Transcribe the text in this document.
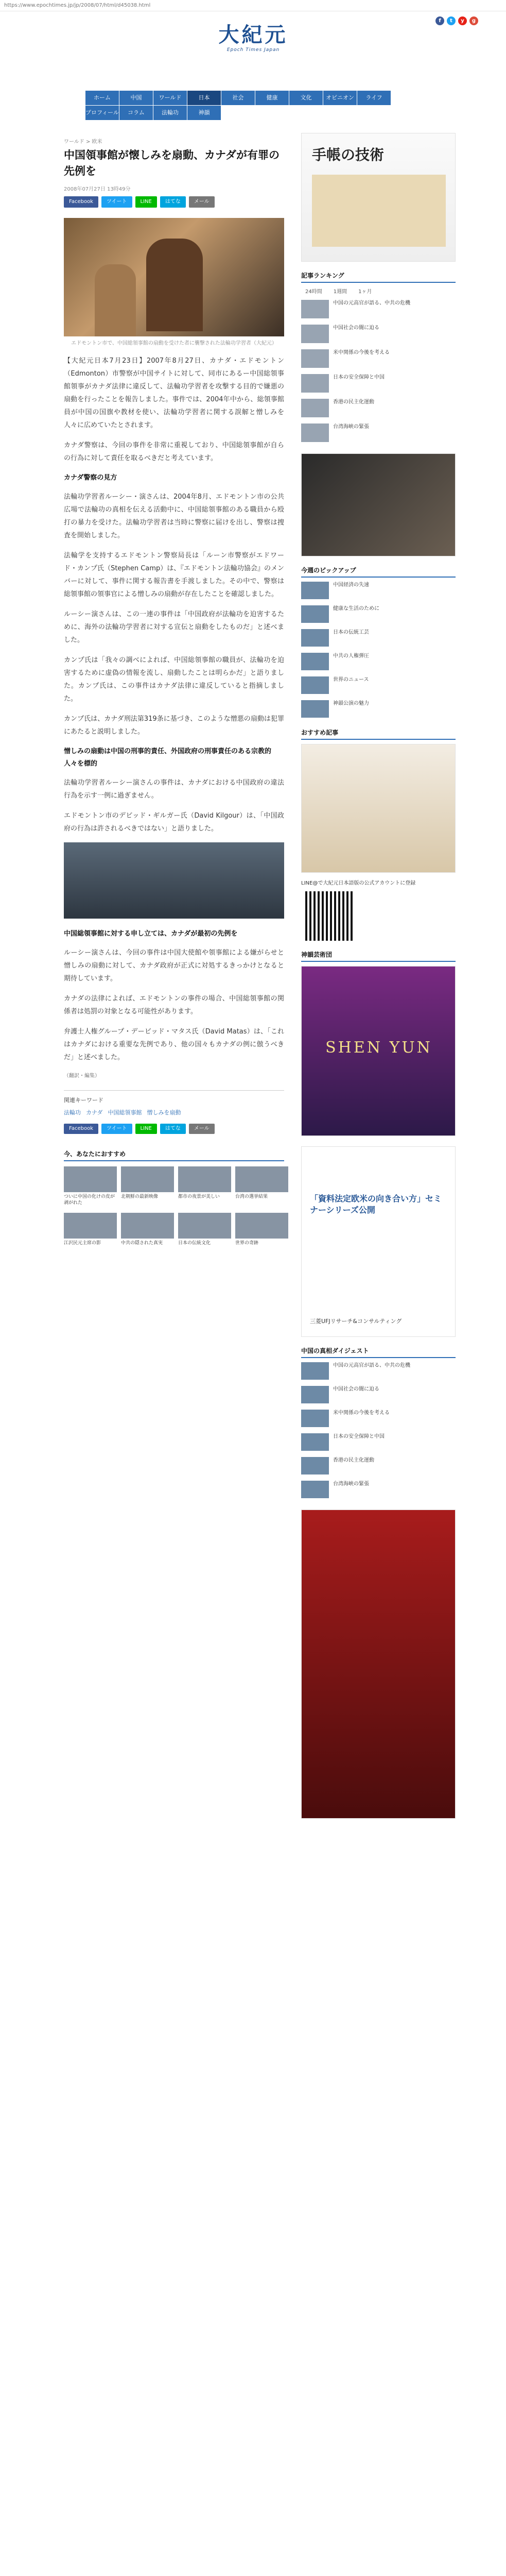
https://www.epochtimes.jp/jp/2008/07/html/d45038.html
f	t	y	g
大紀元
Epoch Times Japan
ホーム	中国	ワールド	日本	社会	健康	文化	オピニオン	ライフ
プロフィール	コラム	法輪功	神韻
ワールド > 欧米
中国領事館が懐しみを扇動、カナダが有罪の先例を
2008年07月27日 13時49分
Facebook	ツイート	LINE	はてな	メール
エドモントン市で、中国総領事館の扇動を受けた者に襲撃された法輪功学習者（大紀元）

【大紀元日本7月23日】2007年8月27日、カナダ・エドモントン（Edmonton）市警察が中国サイトに対して、同市にあるー中国総領事館領事がカナダ法律に違反して、法輪功学習者を攻撃する目的で嫌悪の扇動を行ったことを報告しました。事件では、2004年中から、総領事館員が中国の国旗や教材を使い、法輪功学習者に関する誤解と憎しみを人々に広めていたとされます。

カナダ警察は、今回の事件を非常に重視しており、中国総領事館が自らの行為に対して責任を取るべきだと考えています。

カナダ警察の見方

法輪功学習者ルーシー・演さんは、2004年8月、エドモントン市の公共広場で法輪功の真相を伝える活動中に、中国総領事館のある職員から殴打の暴力を受けた。法輪功学習者は当時に警察に届けを出し、警察は捜査を開始しました。

法輪学を支持するエドモントン警察局長は「ルーン市警察がエドワード・カンプ氏（Stephen Camp）は、『エドモントン法輪功協会』のメンバーに対して、事件に関する報告書を手渡しました。その中で、警察は総領事館の領事官による憎しみの扇動が存在したことを確認しました。

ルーシー演さんは、この一連の事件は「中国政府が法輪功を迫害するために、海外の法輪功学習者に対する宣伝と扇動をしたものだ」と述べました。

カンプ氏は「我々の調べによれば、中国総領事館の職員が、法輪功を迫害するために虚偽の情報を流し、扇動したことは明らかだ」と語りました。カンプ氏は、この事件はカナダ法律に違反していると指摘しました。

カンプ氏は、カナダ刑法第319条に基づき、このような憎悪の扇動は犯罪にあたると説明しました。

憎しみの扇動は中国の刑事的責任、外国政府の刑事責任のある宗教的人々を標的

法輪功学習者ルーシー演さんの事件は、カナダにおける中国政府の違法行為を示す一例に過ぎません。

エドモントン市のデビッド・ギルガー氏（David Kilgour）は、「中国政府の行為は許されるべきではない」と語りました。

中国総領事館に対する申し立ては、カナダが最初の先例を

ルーシー演さんは、今回の事件は中国大使館や領事館による嫌がらせと憎しみの扇動に対して、カナダ政府が正式に対処するきっかけとなると期待しています。

カナダの法律によれば、エドモントンの事件の場合、中国総領事館の関係者は処罰の対象となる可能性があります。

弁護士人権グループ・デービッド・マタス氏（David Matas）は、「これはカナダにおける重要な先例であり、他の国々もカナダの例に倣うべきだ」と述べました。

（翻訳・編集）
関連キーワード
法輪功 カナダ 中国総領事館 憎しみを扇動
Facebook	ツイート	LINE	はてな	メール
今、あなたにおすすめ
ついに中国の化けの皮が剥がれた
北朝鮮の最新映像	都市の夜景が美しい	台湾の選挙結果
江沢民元主席の影	中共の隠された真実	日本の伝統文化	世界の奇跡
手帳の技術
記事ランキング
24時間 1週間 1ヶ月
中国の元高官が語る、中共の危機
中国社会の闇に迫る
米中関係の今後を考える
日本の安全保障と中国
香港の民主化運動
台湾海峡の緊張
今週のピックアップ
中国経済の失速
健康な生活のために
日本の伝統工芸
中共の人権弾圧
世界のニュース
神韻公演の魅力
おすすめ記事
LINE@で大紀元日本語版の公式アカウントに登録
神韻芸術団
SHEN YUN
「資料法定欧米の向き合い方」セミナーシリーズ公開
三菱UFJリサーチ&コンサルティング
中国の真相ダイジェスト
中国の元高官が語る、中共の危機
中国社会の闇に迫る
米中関係の今後を考える
日本の安全保障と中国
香港の民主化運動
台湾海峡の緊張
